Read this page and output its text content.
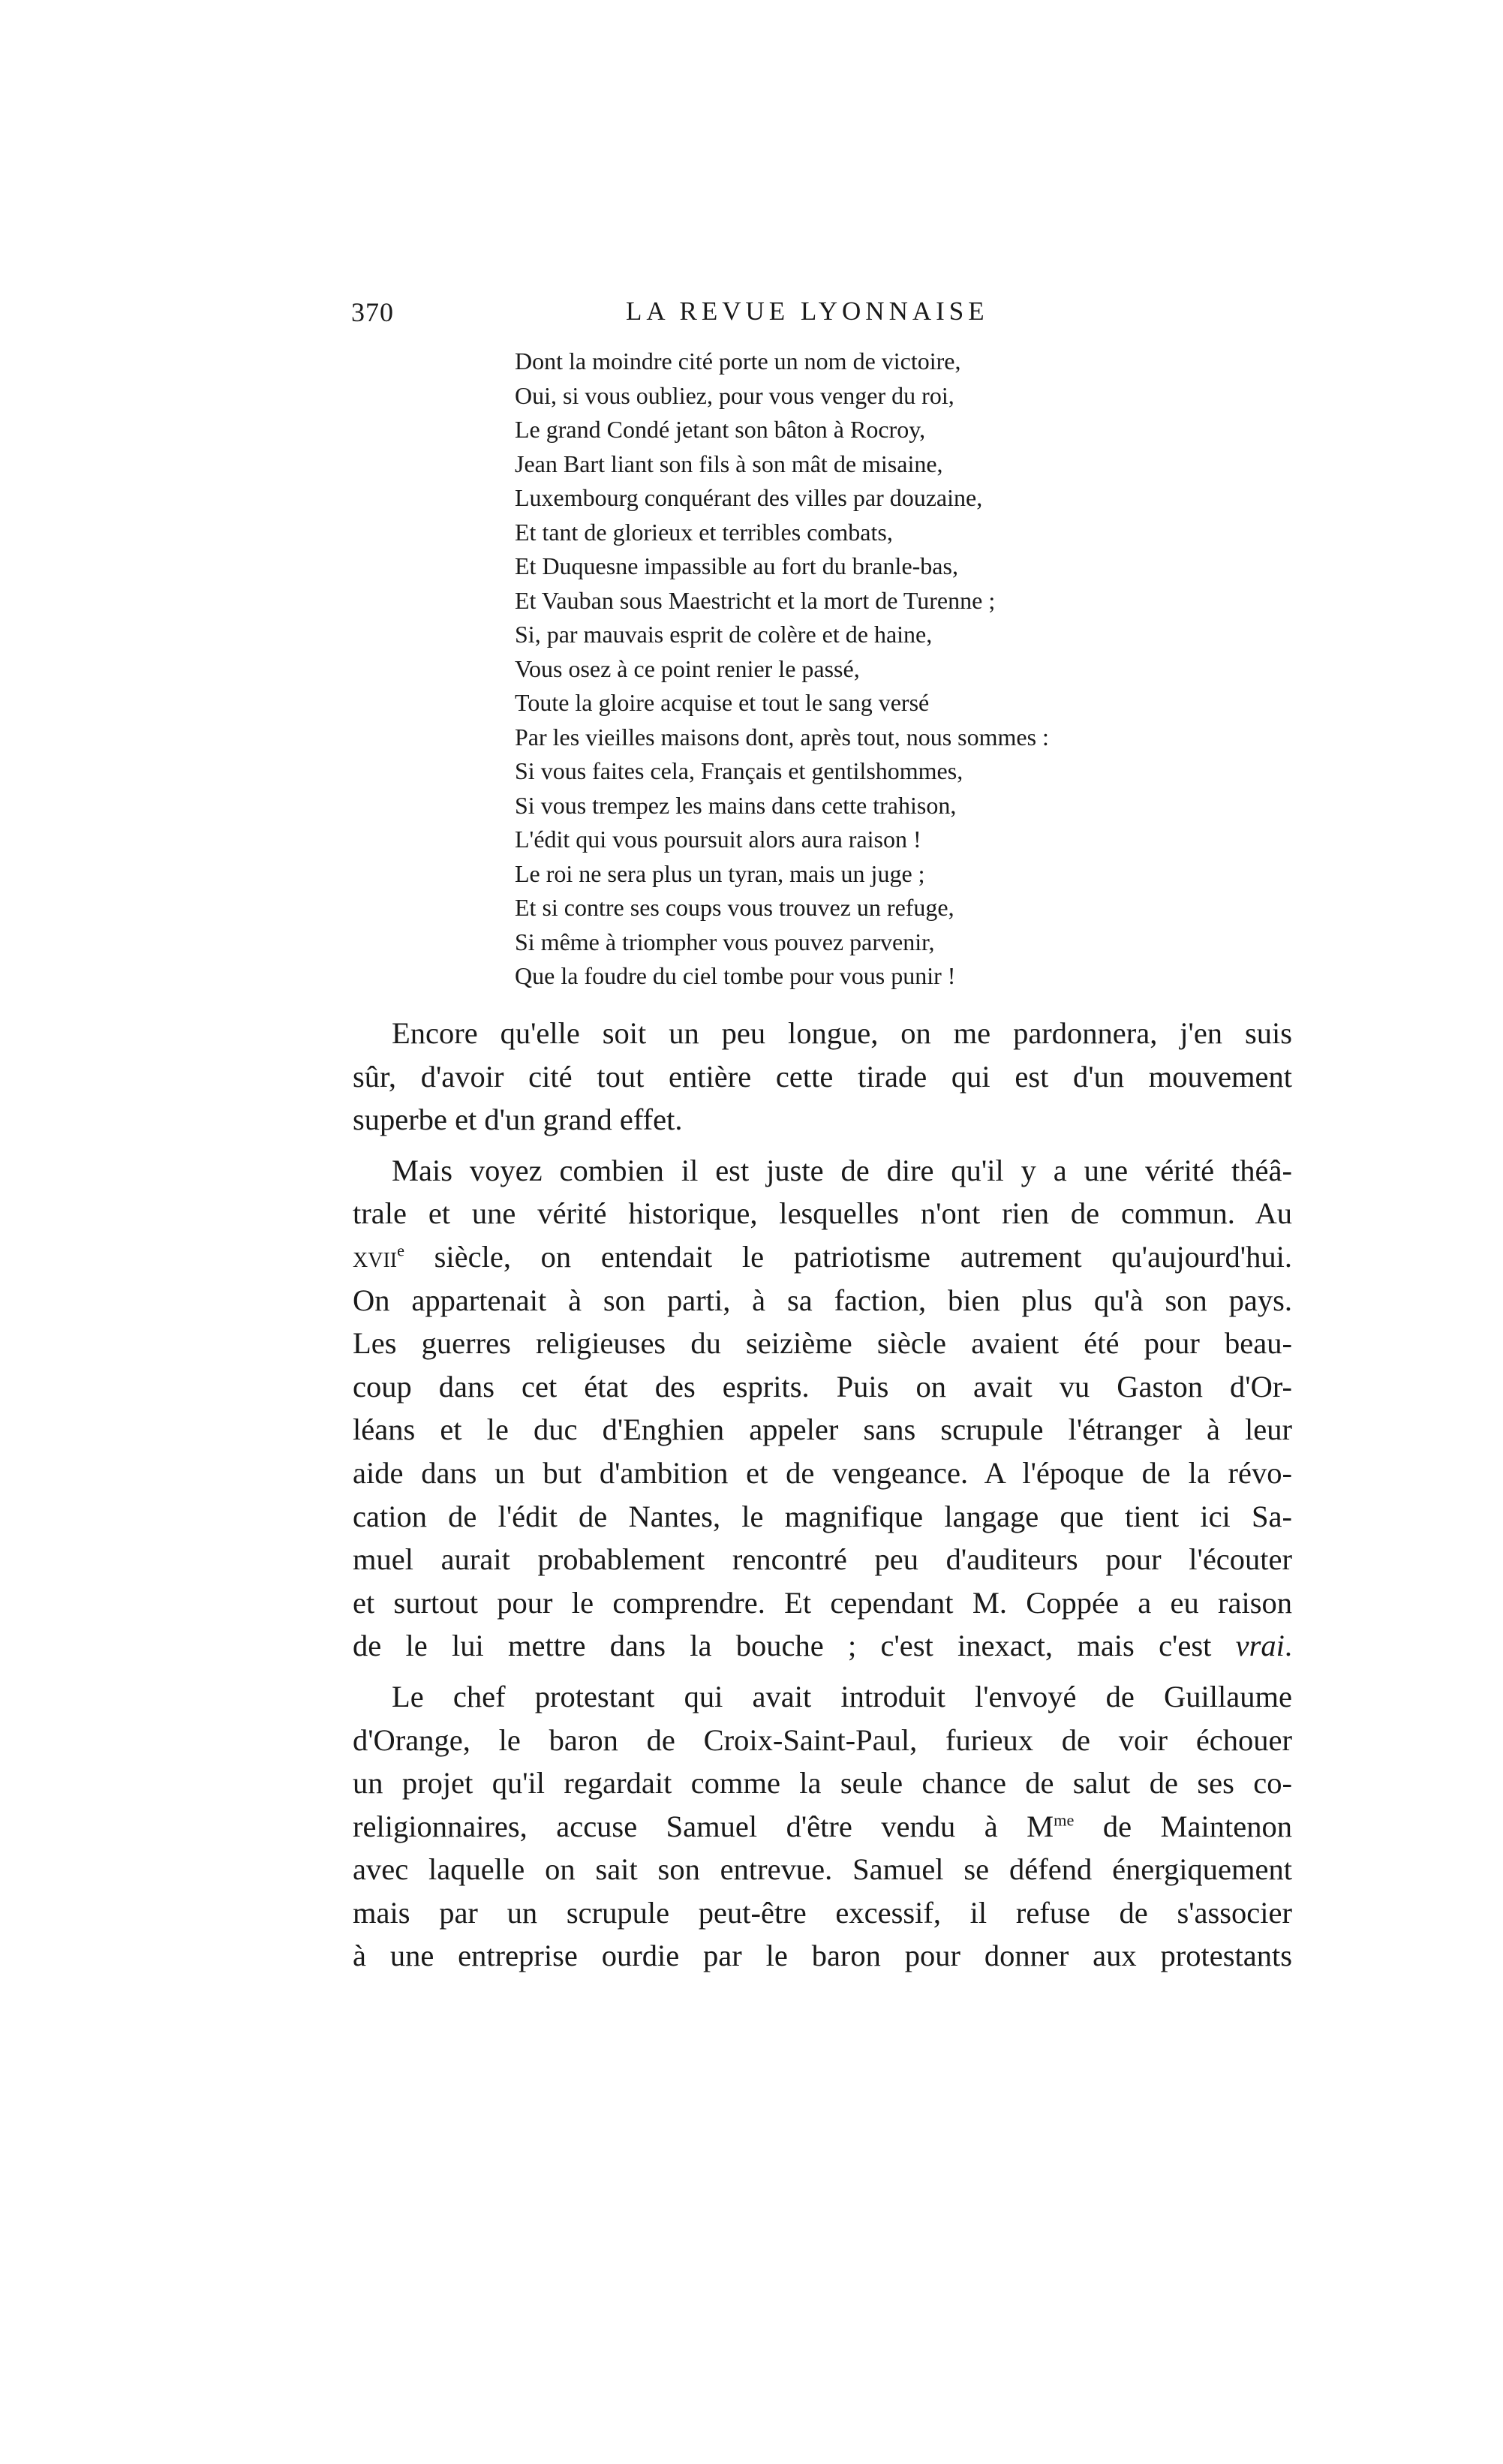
370	LA REVUE LYONNAISE
Dont la moindre cité porte un nom de victoire,
Oui, si vous oubliez, pour vous venger du roi,
Le grand Condé jetant son bâton à Rocroy,
Jean Bart liant son fils à son mât de misaine,
Luxembourg conquérant des villes par douzaine,
Et tant de glorieux et terribles combats,
Et Duquesne impassible au fort du branle-bas,
Et Vauban sous Maestricht et la mort de Turenne ;
Si, par mauvais esprit de colère et de haine,
Vous osez à ce point renier le passé,
Toute la gloire acquise et tout le sang versé
Par les vieilles maisons dont, après tout, nous sommes :
Si vous faites cela, Français et gentilshommes,
Si vous trempez les mains dans cette trahison,
L'édit qui vous poursuit alors aura raison !
Le roi ne sera plus un tyran, mais un juge ;
Et si contre ses coups vous trouvez un refuge,
Si même à triompher vous pouvez parvenir,
Que la foudre du ciel tombe pour vous punir !
Encore qu'elle soit un peu longue, on me pardonnera, j'en suis
sûr, d'avoir cité tout entière cette tirade qui est d'un mouvement
superbe et d'un grand effet.
Mais voyez combien il est juste de dire qu'il y a une vérité théâ-
trale et une vérité historique, lesquelles n'ont rien de commun. Au
xvii$^e$ siècle, on entendait le patriotisme autrement qu'aujourd'hui.
On appartenait à son parti, à sa faction, bien plus qu'à son pays.
Les guerres religieuses du seizième siècle avaient été pour beau-
coup dans cet état des esprits. Puis on avait vu Gaston d'Or-
léans et le duc d'Enghien appeler sans scrupule l'étranger à leur
aide dans un but d'ambition et de vengeance. A l'époque de la révo-
cation de l'édit de Nantes, le magnifique langage que tient ici Sa-
muel aurait probablement rencontré peu d'auditeurs pour l'écouter
et surtout pour le comprendre. Et cependant M. Coppée a eu raison
de le lui mettre dans la bouche ; c'est inexact, mais c'est vrai.
Le chef protestant qui avait introduit l'envoyé de Guillaume
d'Orange, le baron de Croix-Saint-Paul, furieux de voir échouer
un projet qu'il regardait comme la seule chance de salut de ses co-
religionnaires, accuse Samuel d'être vendu à $M^{me}$ de Maintenon
avec laquelle on sait son entrevue. Samuel se défend énergiquement
mais par un scrupule peut-être excessif, il refuse de s'associer
à une entreprise ourdie par le baron pour donner aux protestants
